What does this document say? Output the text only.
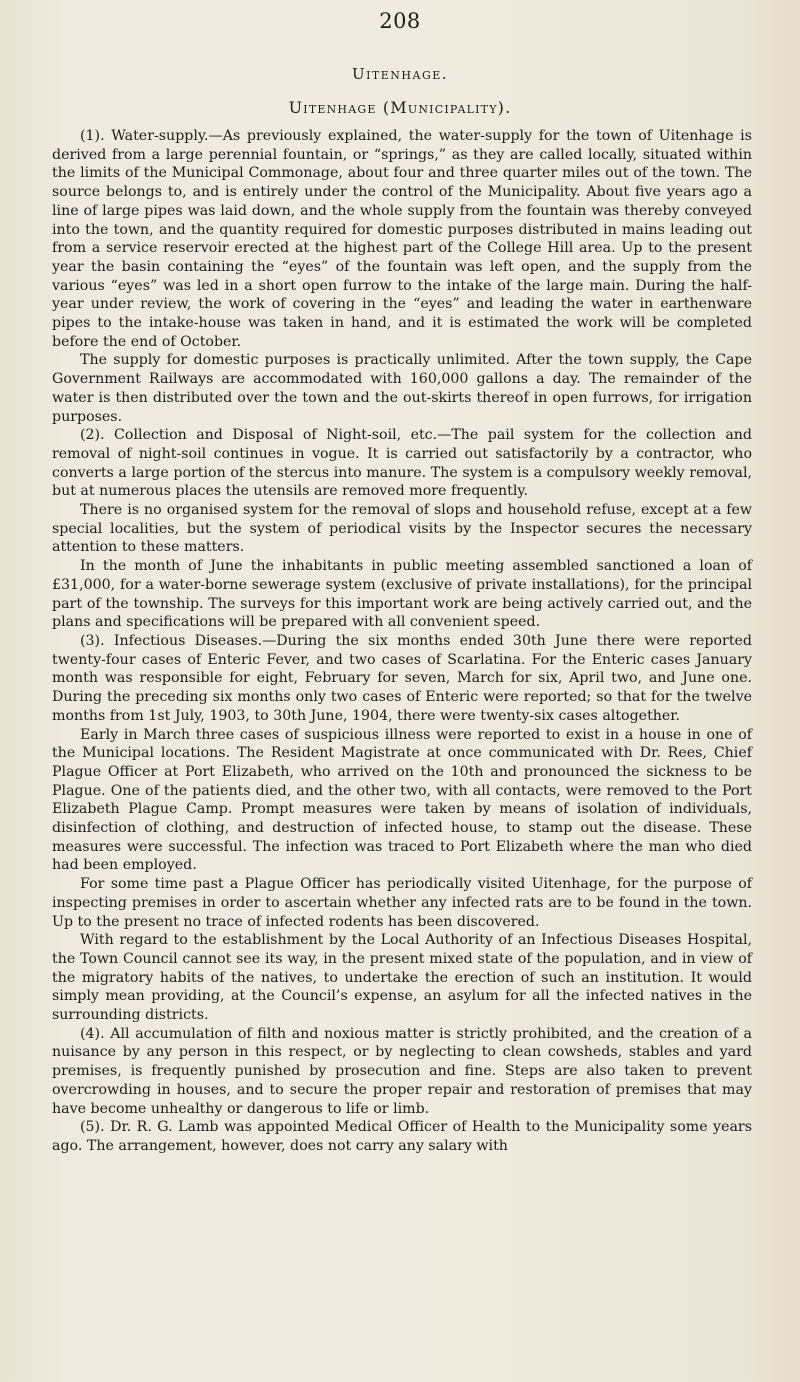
208
Uitenhage.
Uitenhage (Municipality).

(1). Water-supply.—As previously explained, the water-supply for the town of Uitenhage is derived from a large perennial fountain, or “springs,” as they are called locally, situated within the limits of the Municipal Commonage, about four and three quarter miles out of the town. The source belongs to, and is entirely under the control of the Municipality. About five years ago a line of large pipes was laid down, and the whole supply from the fountain was thereby conveyed into the town, and the quantity required for domestic purposes distributed in mains leading out from a service reservoir erected at the highest part of the College Hill area. Up to the present year the basin containing the “eyes” of the fountain was left open, and the supply from the various “eyes” was led in a short open furrow to the intake of the large main. During the half-year under review, the work of covering in the “eyes” and leading the water in earthenware pipes to the intake-house was taken in hand, and it is estimated the work will be completed before the end of October.

The supply for domestic purposes is practically unlimited. After the town supply, the Cape Government Railways are accommodated with 160,000 gallons a day. The remainder of the water is then distributed over the town and the out-skirts thereof in open furrows, for irrigation purposes.

(2). Collection and Disposal of Night-soil, etc.—The pail system for the collection and removal of night-soil continues in vogue. It is carried out satisfactorily by a contractor, who converts a large portion of the stercus into manure. The system is a compulsory weekly removal, but at numerous places the utensils are removed more frequently.

There is no organised system for the removal of slops and household refuse, except at a few special localities, but the system of periodical visits by the Inspector secures the necessary attention to these matters.

In the month of June the inhabitants in public meeting assembled sanctioned a loan of £31,000, for a water-borne sewerage system (exclusive of private installations), for the principal part of the township. The surveys for this important work are being actively carried out, and the plans and specifications will be prepared with all convenient speed.

(3). Infectious Diseases.—During the six months ended 30th June there were reported twenty-four cases of Enteric Fever, and two cases of Scarlatina. For the Enteric cases January month was responsible for eight, February for seven, March for six, April two, and June one. During the preceding six months only two cases of Enteric were reported; so that for the twelve months from 1st July, 1903, to 30th June, 1904, there were twenty-six cases altogether.

Early in March three cases of suspicious illness were reported to exist in a house in one of the Municipal locations. The Resident Magistrate at once communicated with Dr. Rees, Chief Plague Officer at Port Elizabeth, who arrived on the 10th and pronounced the sickness to be Plague. One of the patients died, and the other two, with all contacts, were removed to the Port Elizabeth Plague Camp. Prompt measures were taken by means of isolation of individuals, disinfection of clothing, and destruction of infected house, to stamp out the disease. These measures were successful. The infection was traced to Port Elizabeth where the man who died had been employed.

For some time past a Plague Officer has periodically visited Uitenhage, for the purpose of inspecting premises in order to ascertain whether any infected rats are to be found in the town. Up to the present no trace of infected rodents has been discovered.

With regard to the establishment by the Local Authority of an Infectious Diseases Hospital, the Town Council cannot see its way, in the present mixed state of the population, and in view of the migratory habits of the natives, to undertake the erection of such an institution. It would simply mean providing, at the Council’s expense, an asylum for all the infected natives in the surrounding districts.

(4). All accumulation of filth and noxious matter is strictly prohibited, and the creation of a nuisance by any person in this respect, or by neglecting to clean cowsheds, stables and yard premises, is frequently punished by prosecution and fine. Steps are also taken to prevent overcrowding in houses, and to secure the proper repair and restoration of premises that may have become unhealthy or dangerous to life or limb.

(5). Dr. R. G. Lamb was appointed Medical Officer of Health to the Municipality some years ago. The arrangement, however, does not carry any salary with
